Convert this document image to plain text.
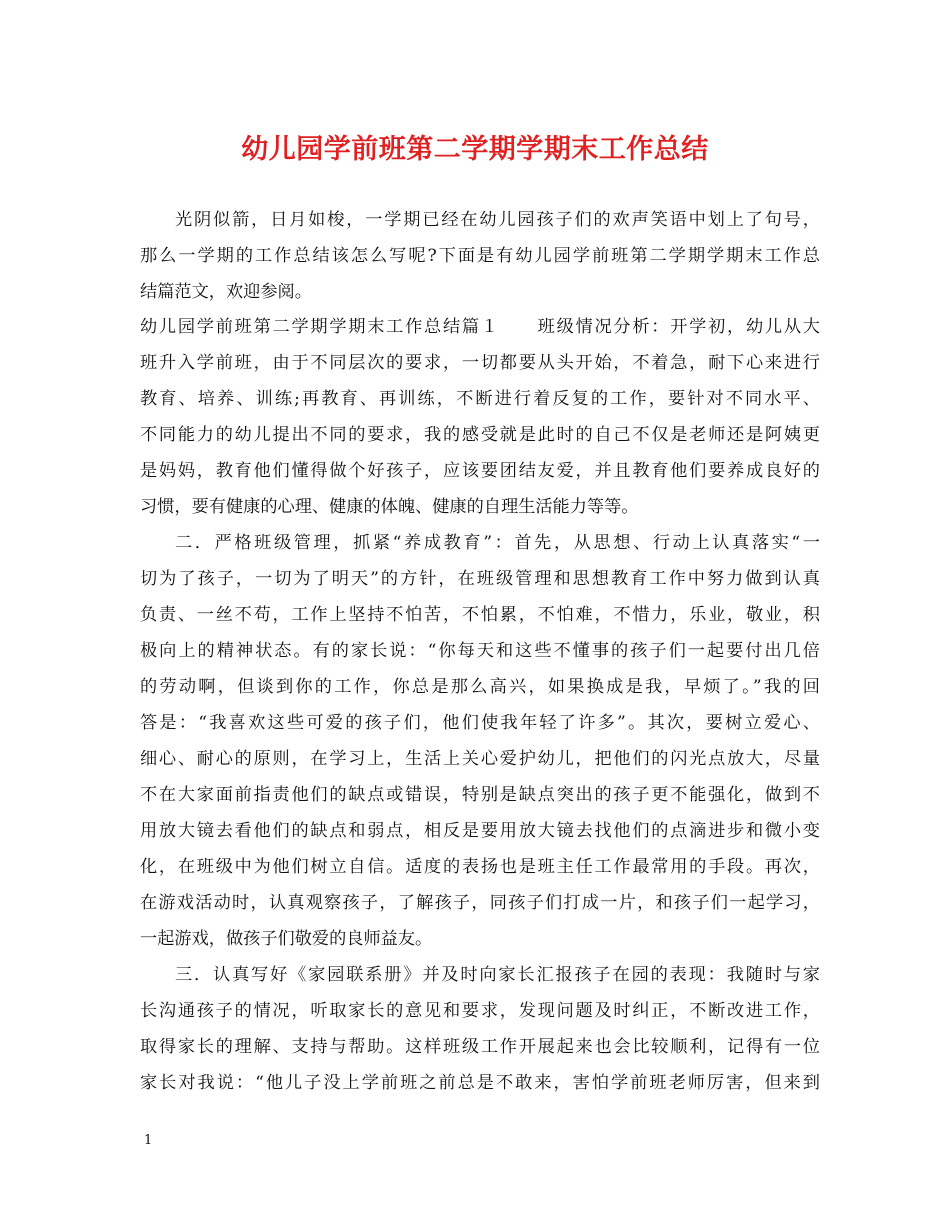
幼儿园学前班第二学期学期末工作总结
光阴似箭，日月如梭，一学期已经在幼儿园孩子们的欢声笑语中划上了句号，
那么一学期的工作总结该怎么写呢?下面是有幼儿园学前班第二学期学期末工作总
结篇范文，欢迎参阅。
幼儿园学前班第二学期学期末工作总结篇１　　班级情况分析：开学初，幼儿从大
班升入学前班，由于不同层次的要求，一切都要从头开始，不着急，耐下心来进行
教育、培养、训练;再教育、再训练，不断进行着反复的工作，要针对不同水平、
不同能力的幼儿提出不同的要求，我的感受就是此时的自己不仅是老师还是阿姨更
是妈妈，教育他们懂得做个好孩子，应该要团结友爱，并且教育他们要养成良好的
习惯，要有健康的心理、健康的体魄、健康的自理生活能力等等。
二．严格班级管理，抓紧“养成教育”：首先，从思想、行动上认真落实“一
切为了孩子，一切为了明天”的方针，在班级管理和思想教育工作中努力做到认真
负责、一丝不苟，工作上坚持不怕苦，不怕累，不怕难，不惜力，乐业，敬业，积
极向上的精神状态。有的家长说：“你每天和这些不懂事的孩子们一起要付出几倍
的劳动啊，但谈到你的工作，你总是那么高兴，如果换成是我，早烦了。”我的回
答是：“我喜欢这些可爱的孩子们，他们使我年轻了许多”。其次，要树立爱心、
细心、耐心的原则，在学习上，生活上关心爱护幼儿，把他们的闪光点放大，尽量
不在大家面前指责他们的缺点或错误，特别是缺点突出的孩子更不能强化，做到不
用放大镜去看他们的缺点和弱点，相反是要用放大镜去找他们的点滴进步和微小变
化，在班级中为他们树立自信。适度的表扬也是班主任工作最常用的手段。再次，
在游戏活动时，认真观察孩子，了解孩子，同孩子们打成一片，和孩子们一起学习，
一起游戏，做孩子们敬爱的良师益友。
三．认真写好《家园联系册》并及时向家长汇报孩子在园的表现：我随时与家
长沟通孩子的情况，听取家长的意见和要求，发现问题及时纠正，不断改进工作，
取得家长的理解、支持与帮助。这样班级工作开展起来也会比较顺利，记得有一位
家长对我说：“他儿子没上学前班之前总是不敢来，害怕学前班老师厉害，但来到
1
